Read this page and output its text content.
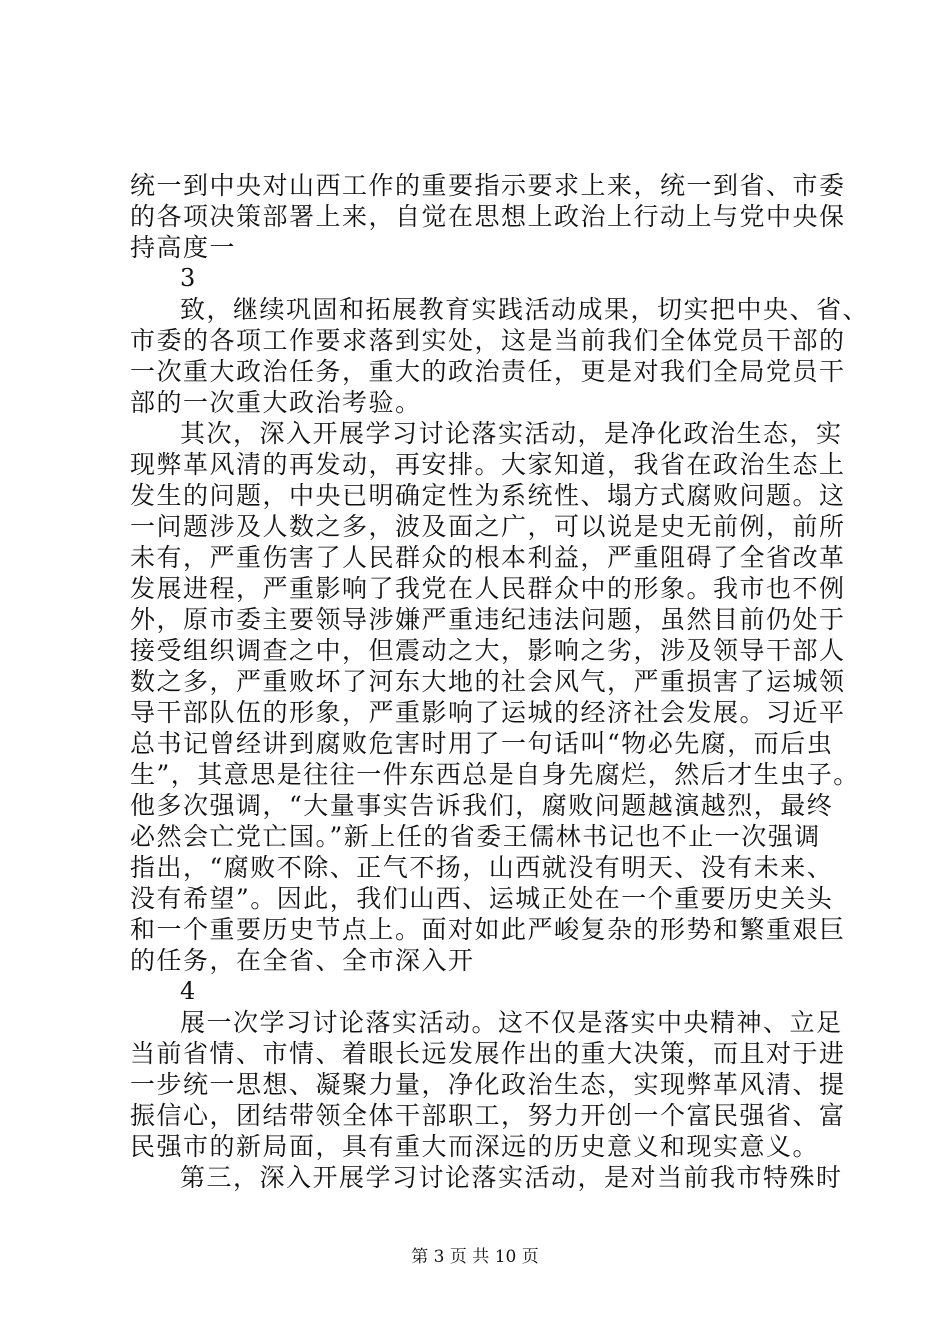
统一到中央对山西工作的重要指示要求上来，统一到省、市委
的各项决策部署上来，自觉在思想上政治上行动上与党中央保
持高度一
3
致，继续巩固和拓展教育实践活动成果，切实把中央、省、
市委的各项工作要求落到实处，这是当前我们全体党员干部的
一次重大政治任务，重大的政治责任，更是对我们全局党员干
部的一次重大政治考验。
其次，深入开展学习讨论落实活动，是净化政治生态，实
现弊革风清的再发动，再安排。大家知道，我省在政治生态上
发生的问题，中央已明确定性为系统性、塌方式腐败问题。这
一问题涉及人数之多，波及面之广，可以说是史无前例，前所
未有，严重伤害了人民群众的根本利益，严重阻碍了全省改革
发展进程，严重影响了我党在人民群众中的形象。我市也不例
外，原市委主要领导涉嫌严重违纪违法问题，虽然目前仍处于
接受组织调查之中，但震动之大，影响之劣，涉及领导干部人
数之多，严重败坏了河东大地的社会风气，严重损害了运城领
导干部队伍的形象，严重影响了运城的经济社会发展。习近平
总书记曾经讲到腐败危害时用了一句话叫“物必先腐，而后虫
生”，其意思是往往一件东西总是自身先腐烂，然后才生虫子。
他多次强调，“大量事实告诉我们，腐败问题越演越烈，最终
必然会亡党亡国。”新上任的省委王儒林书记也不止一次强调
指出，“腐败不除、正气不扬，山西就没有明天、没有未来、
没有希望”。因此，我们山西、运城正处在一个重要历史关头
和一个重要历史节点上。面对如此严峻复杂的形势和繁重艰巨
的任务，在全省、全市深入开
4
展一次学习讨论落实活动。这不仅是落实中央精神、立足
当前省情、市情、着眼长远发展作出的重大决策，而且对于进
一步统一思想、凝聚力量，净化政治生态，实现弊革风清、提
振信心，团结带领全体干部职工，努力开创一个富民强省、富
民强市的新局面，具有重大而深远的历史意义和现实意义。
第三，深入开展学习讨论落实活动，是对当前我市特殊时
第 3 页 共 10 页
